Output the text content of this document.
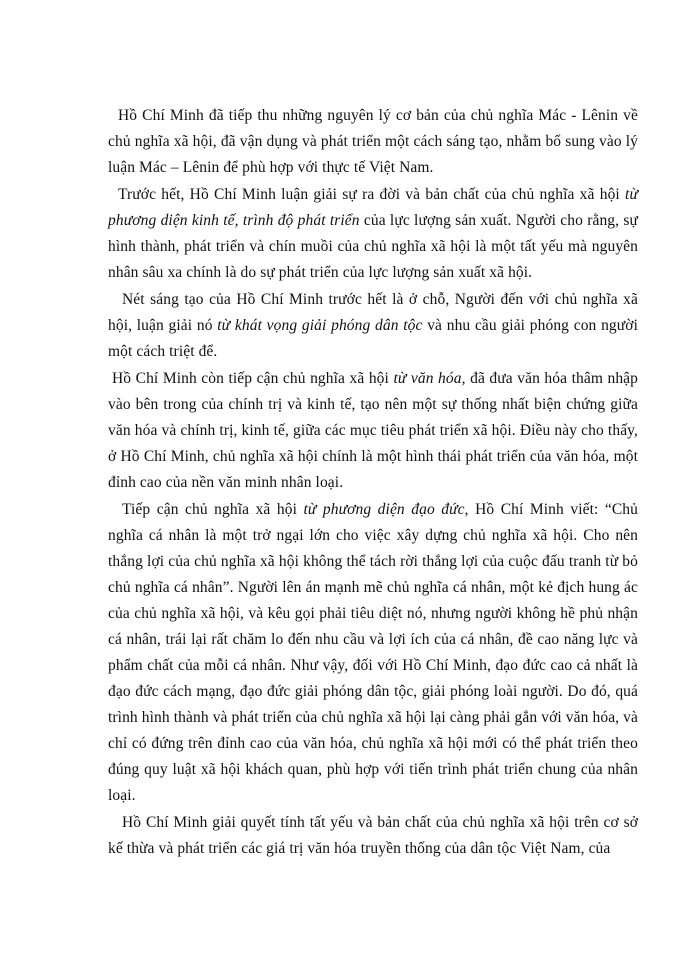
Hồ Chí Minh đã tiếp thu những nguyên lý cơ bản của chủ nghĩa Mác - Lênin về chủ nghĩa xã hội, đã vận dụng và phát triển một cách sáng tạo, nhằm bổ sung vào lý luận Mác – Lênin để phù hợp với thực tế Việt Nam.

Trước hết, Hồ Chí Minh luận giải sự ra đời và bản chất của chủ nghĩa xã hội từ phương diện kinh tế, trình độ phát triển của lực lượng sản xuất. Người cho rằng, sự hình thành, phát triển và chín muồi của chủ nghĩa xã hội là một tất yếu mà nguyên nhân sâu xa chính là do sự phát triển của lực lượng sản xuất xã hội.

Nét sáng tạo của Hồ Chí Minh trước hết là ở chỗ, Người đến với chủ nghĩa xã hội, luận giải nó từ khát vọng giải phóng dân tộc và nhu cầu giải phóng con người một cách triệt để.

Hồ Chí Minh còn tiếp cận chủ nghĩa xã hội từ văn hóa, đã đưa văn hóa thâm nhập vào bên trong của chính trị và kinh tế, tạo nên một sự thống nhất biện chứng giữa văn hóa và chính trị, kinh tế, giữa các mục tiêu phát triển xã hội. Điều này cho thấy, ở Hồ Chí Minh, chủ nghĩa xã hội chính là một hình thái phát triển của văn hóa, một đỉnh cao của nền văn minh nhân loại.

Tiếp cận chủ nghĩa xã hội từ phương diện đạo đức, Hồ Chí Minh viết: “Chủ nghĩa cá nhân là một trở ngại lớn cho việc xây dựng chủ nghĩa xã hội. Cho nên thắng lợi của chủ nghĩa xã hội không thể tách rời thắng lợi của cuộc đấu tranh từ bỏ chủ nghĩa cá nhân”. Người lên án mạnh mẽ chủ nghĩa cá nhân, một kẻ địch hung ác của chủ nghĩa xã hội, và kêu gọi phải tiêu diệt nó, nhưng người không hề phủ nhận cá nhân, trái lại rất chăm lo đến nhu cầu và lợi ích của cá nhân, đề cao năng lực và phẩm chất của mỗi cá nhân. Như vậy, đối với Hồ Chí Minh, đạo đức cao cả nhất là đạo đức cách mạng, đạo đức giải phóng dân tộc, giải phóng loài người. Do đó, quá trình hình thành và phát triển của chủ nghĩa xã hội lại càng phải gắn với văn hóa, và chỉ có đứng trên đỉnh cao của văn hóa, chủ nghĩa xã hội mới có thể phát triển theo đúng quy luật xã hội khách quan, phù hợp với tiến trình phát triển chung của nhân loại.

Hồ Chí Minh giải quyết tính tất yếu và bản chất của chủ nghĩa xã hội trên cơ sở kế thừa và phát triển các giá trị văn hóa truyền thống của dân tộc Việt Nam, của
